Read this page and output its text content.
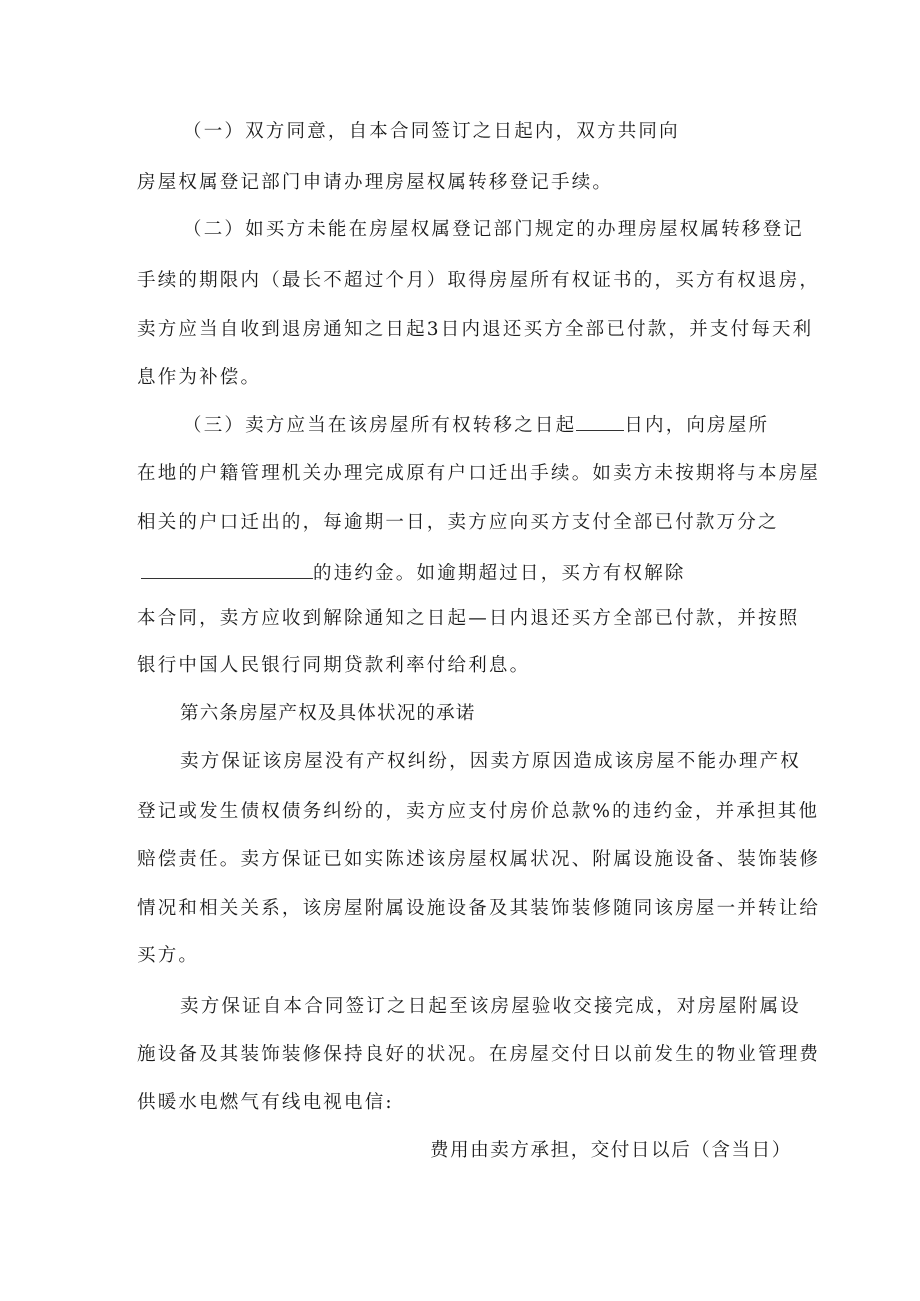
（一）双方同意，自本合同签订之日起内，双方共同向
房屋权属登记部门申请办理房屋权属转移登记手续。
（二）如买方未能在房屋权属登记部门规定的办理房屋权属转移登记
手续的期限内（最长不超过个月）取得房屋所有权证书的，买方有权退房，
卖方应当自收到退房通知之日起3日内退还买方全部已付款，并支付每天利
息作为补偿。
（三）卖方应当在该房屋所有权转移之日起	日内，向房屋所
在地的户籍管理机关办理完成原有户口迁出手续。如卖方未按期将与本房屋
相关的户口迁出的，每逾期一日，卖方应向买方支付全部已付款万分之
的违约金。如逾期超过日，买方有权解除
本合同，卖方应收到解除通知之日起—日内退还买方全部已付款，并按照
银行中国人民银行同期贷款利率付给利息。
第六条房屋产权及具体状况的承诺
卖方保证该房屋没有产权纠纷，因卖方原因造成该房屋不能办理产权
登记或发生债权债务纠纷的，卖方应支付房价总款%的违约金，并承担其他
赔偿责任。卖方保证已如实陈述该房屋权属状况、附属设施设备、装饰装修
情况和相关关系，该房屋附属设施设备及其装饰装修随同该房屋一并转让给
买方。
卖方保证自本合同签订之日起至该房屋验收交接完成，对房屋附属设
施设备及其装饰装修保持良好的状况。在房屋交付日以前发生的物业管理费
供暖水电燃气有线电视电信:
费用由卖方承担，交付日以后（含当日）
